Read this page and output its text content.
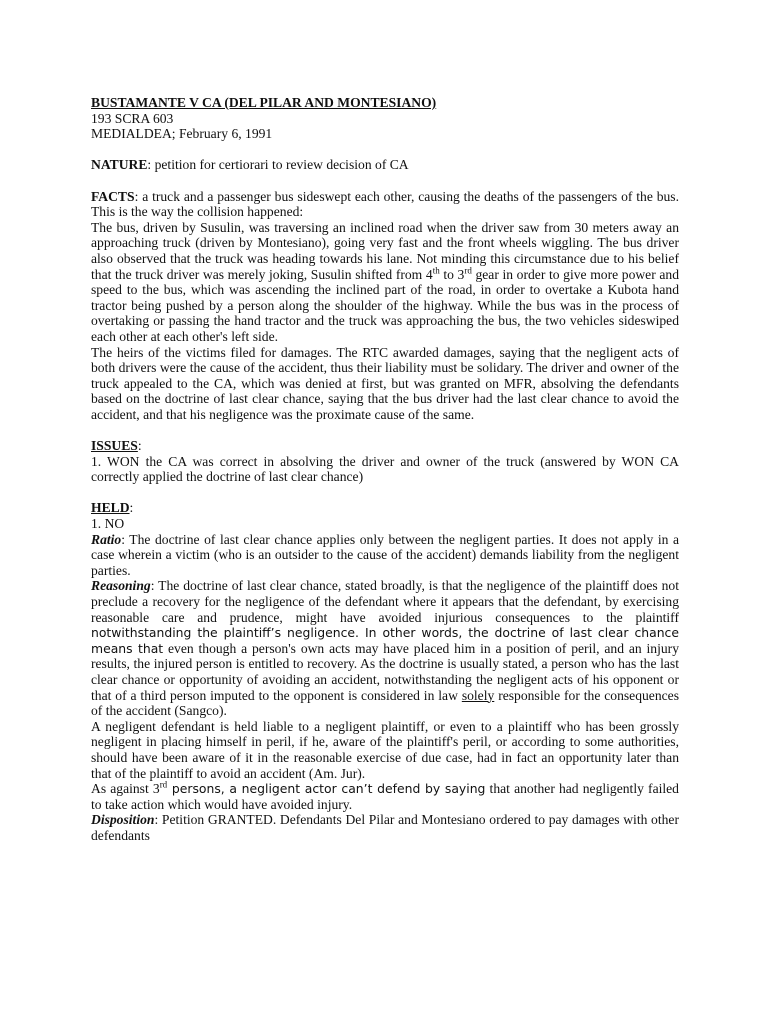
BUSTAMANTE V CA (DEL PILAR AND MONTESIANO)

193 SCRA 603

MEDIALDEA; February 6, 1991

NATURE: petition for certiorari to review decision of CA

FACTS: a truck and a passenger bus sideswept each other, causing the deaths of the passengers of the bus. This is the way the collision happened:

The bus, driven by Susulin, was traversing an inclined road when the driver saw from 30 meters away an approaching truck (driven by Montesiano), going very fast and the front wheels wiggling. The bus driver also observed that the truck was heading towards his lane. Not minding this circumstance due to his belief that the truck driver was merely joking, Susulin shifted from 4th to 3rd gear in order to give more power and speed to the bus, which was ascending the inclined part of the road, in order to overtake a Kubota hand tractor being pushed by a person along the shoulder of the highway. While the bus was in the process of overtaking or passing the hand tractor and the truck was approaching the bus, the two vehicles sideswiped each other at each other's left side.

The heirs of the victims filed for damages. The RTC awarded damages, saying that the negligent acts of both drivers were the cause of the accident, thus their liability must be solidary. The driver and owner of the truck appealed to the CA, which was denied at first, but was granted on MFR, absolving the defendants based on the doctrine of last clear chance, saying that the bus driver had the last clear chance to avoid the accident, and that his negligence was the proximate cause of the same.

ISSUES:

1. WON the CA was correct in absolving the driver and owner of the truck (answered by WON CA correctly applied the doctrine of last clear chance)

HELD:

1. NO

Ratio: The doctrine of last clear chance applies only between the negligent parties. It does not apply in a case wherein a victim (who is an outsider to the cause of the accident) demands liability from the negligent parties.

Reasoning: The doctrine of last clear chance, stated broadly, is that the negligence of the plaintiff does not preclude a recovery for the negligence of the defendant where it appears that the defendant, by exercising reasonable care and prudence, might have avoided injurious consequences to the plaintiff notwithstanding the plaintiff’s negligence. In other words, the doctrine of last clear chance means that even though a person's own acts may have placed him in a position of peril, and an injury results, the injured person is entitled to recovery. As the doctrine is usually stated, a person who has the last clear chance or opportunity of avoiding an accident, notwithstanding the negligent acts of his opponent or that of a third person imputed to the opponent is considered in law solely responsible for the consequences of the accident (Sangco).

A negligent defendant is held liable to a negligent plaintiff, or even to a plaintiff who has been grossly negligent in placing himself in peril, if he, aware of the plaintiff's peril, or according to some authorities, should have been aware of it in the reasonable exercise of due case, had in fact an opportunity later than that of the plaintiff to avoid an accident (Am. Jur).

As against 3rd persons, a negligent actor can’t defend by saying that another had negligently failed to take action which would have avoided injury.

Disposition: Petition GRANTED. Defendants Del Pilar and Montesiano ordered to pay damages with other defendants
